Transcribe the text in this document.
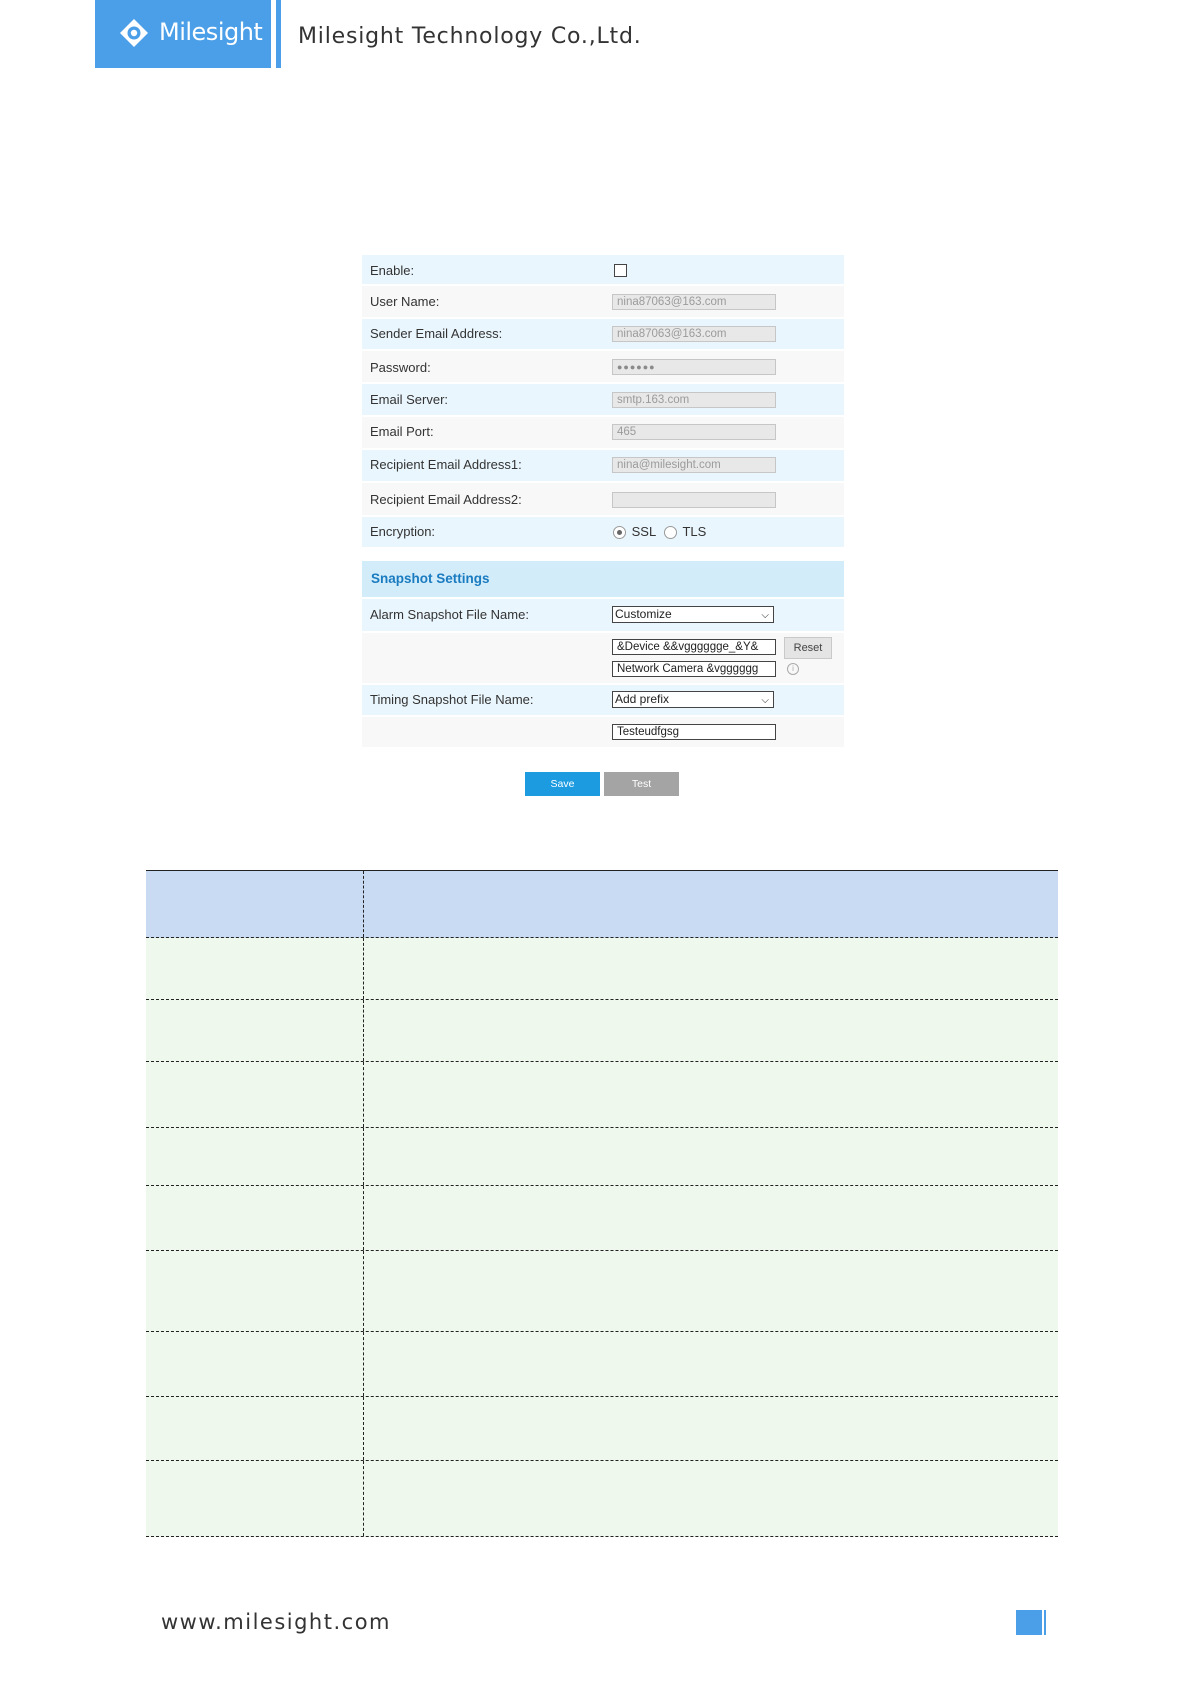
Milesight Milesight Technology Co.,Ltd.
Enable:
User Name:	nina87063@163.com
Sender Email Address:	nina87063@163.com
Password:	●●●●●●
Email Server:	smtp.163.com
Email Port:	465
Recipient Email Address1:	nina@milesight.com
Recipient Email Address2:
Encryption:	SSL TLS
Snapshot Settings
Alarm Snapshot File Name:	Customize	⌵
&Device &&vgggggge_&Y&
Network Camera &vgggggg
Reset
i
Timing Snapshot File Name:	Add prefix	⌵
Testeudfgsg
Save	Test
www.milesight.com
